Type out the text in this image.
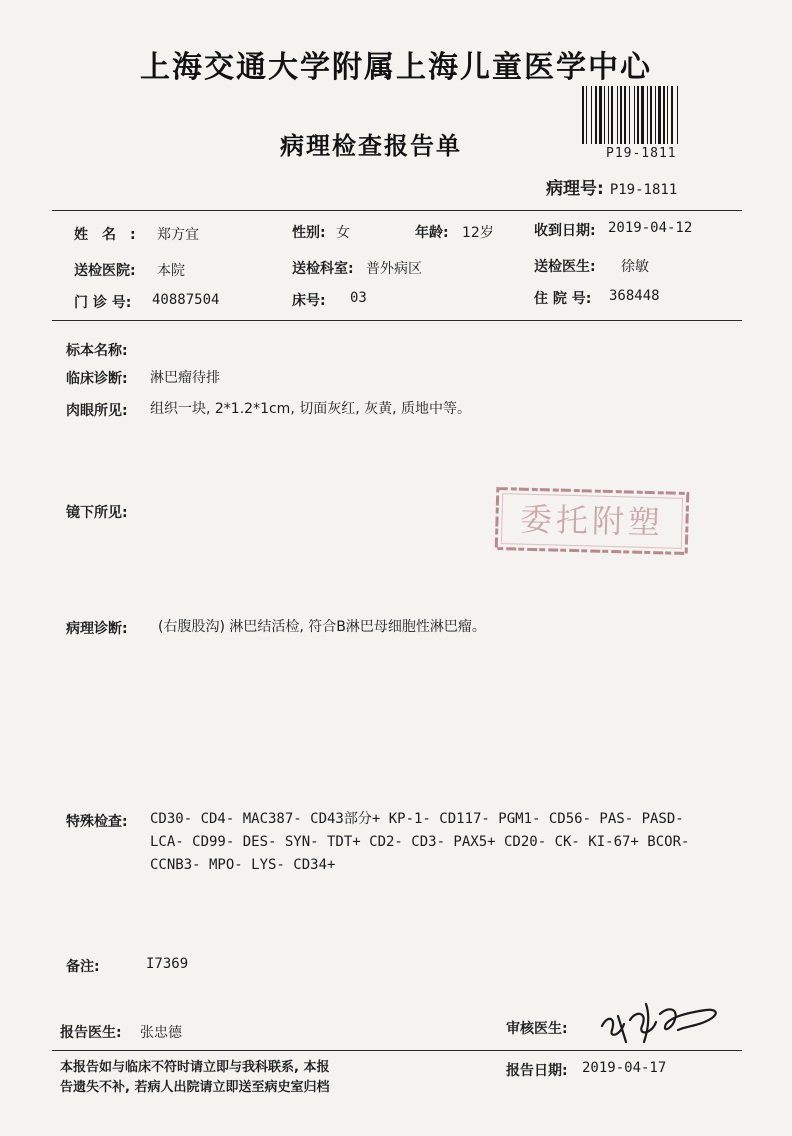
上海交通大学附属上海儿童医学中心
病理检查报告单	P19-1811
病理号: P19-1811
姓名: 郑方宜	性别: 女	年龄: 12岁	收到日期: 2019-04-12
送检医院: 本院	送检科室: 普外病区	送检医生: 徐敏
门 诊 号: 40887504	床号: 03	住 院 号: 368448
标本名称:
临床诊断: 淋巴瘤待排
肉眼所见: 组织一块, 2*1.2*1cm, 切面灰红, 灰黄, 质地中等。
镜下所见:	委托附塑
病理诊断: (右腹股沟) 淋巴结活检, 符合B淋巴母细胞性淋巴瘤。
特殊检查: CD30- CD4- MAC387- CD43部分+ KP-1- CD117- PGM1- CD56- PAS- PASD-
LCA- CD99- DES- SYN- TDT+ CD2- CD3- PAX5+ CD20- CK- KI-67+ BCOR-
CCNB3- MPO- LYS- CD34+
备注:	I7369
报告医生: 张忠德	审核医生:
本报告如与临床不符时请立即与我科联系, 本报
告遗失不补, 若病人出院请立即送至病史室归档
报告日期: 2019-04-17
